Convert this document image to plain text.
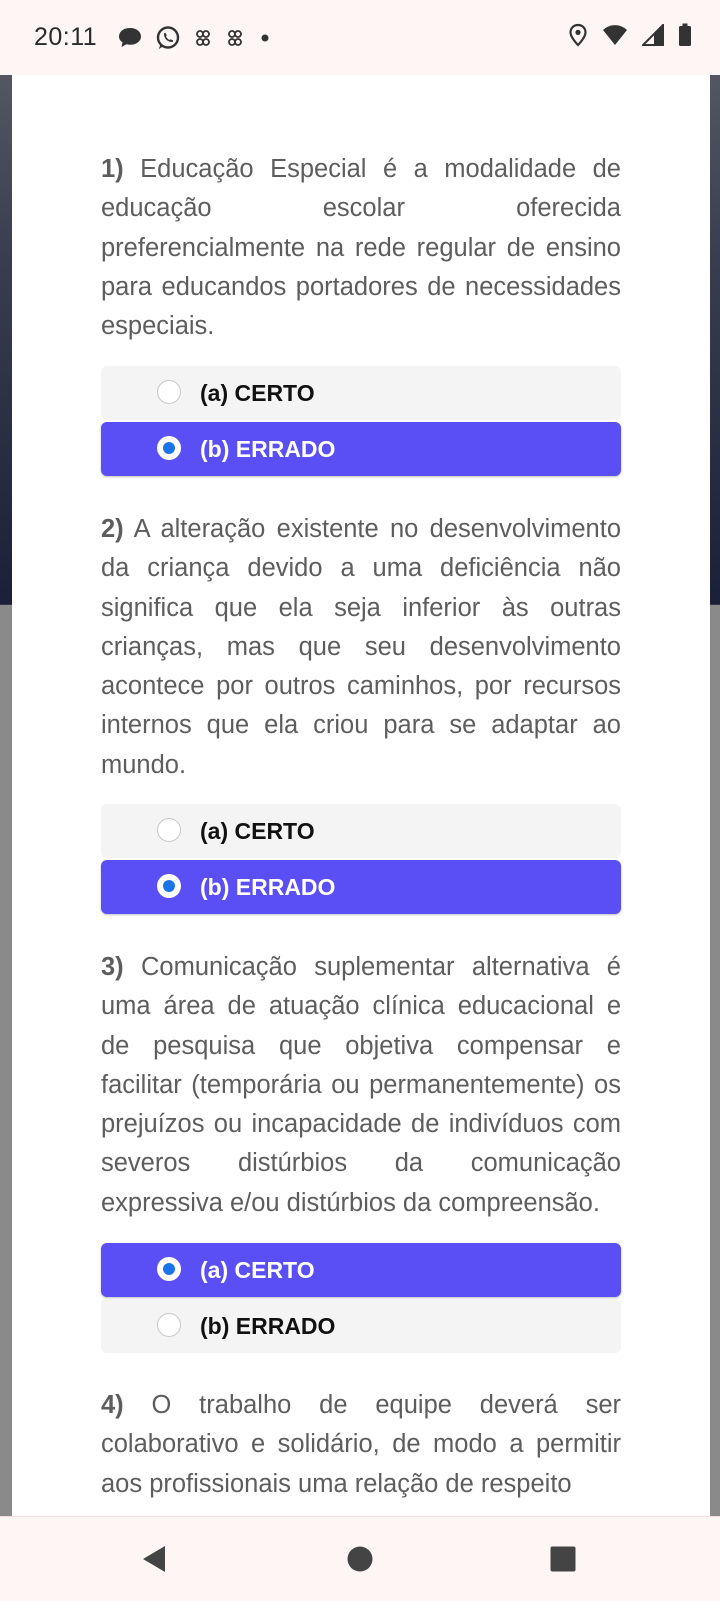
20:11

1) Educação Especial é a modalidade de educação escolar oferecida preferencialmente na rede regular de ensino para educandos portadores de necessidades especiais.

(a) CERTO
(b) ERRADO

2) A alteração existente no desenvolvimento da criança devido a uma deficiência não significa que ela seja inferior às outras crianças, mas que seu desenvolvimento acontece por outros caminhos, por recursos internos que ela criou para se adaptar ao mundo.

(a) CERTO
(b) ERRADO

3) Comunicação suplementar alternativa é uma área de atuação clínica educacional e de pesquisa que objetiva compensar e facilitar (temporária ou permanentemente) os prejuízos ou incapacidade de indivíduos com severos distúrbios da comunicação expressiva e/ou distúrbios da compreensão.

(a) CERTO
(b) ERRADO

4) O trabalho de equipe deverá ser colaborativo e solidário, de modo a permitir aos profissionais uma relação de respeito
